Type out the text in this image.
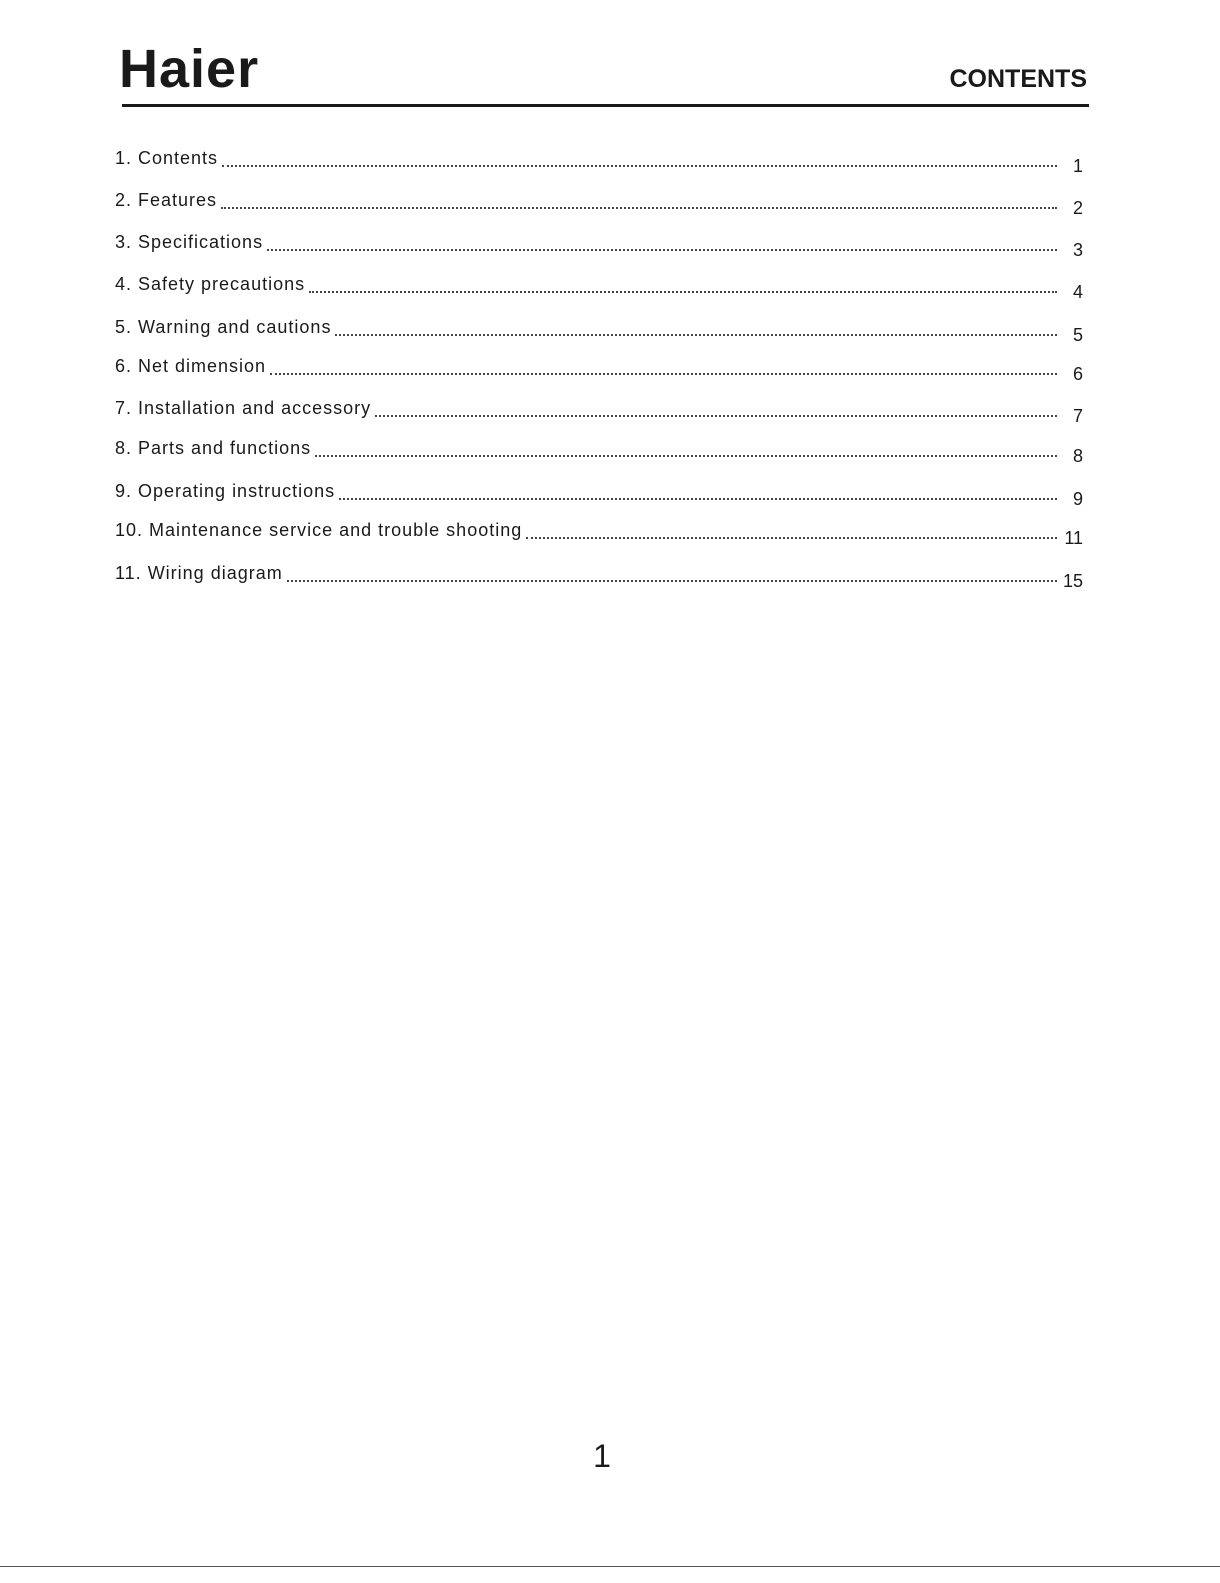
Haier	CONTENTS
1. Contents	1
2. Features	2
3. Specifications	3
4. Safety precautions	4
5. Warning and cautions	5
6. Net dimension	6
7. Installation and accessory	7
8. Parts and functions	8
9. Operating instructions	9
10. Maintenance service and trouble shooting	11
11. Wiring diagram	15
1
